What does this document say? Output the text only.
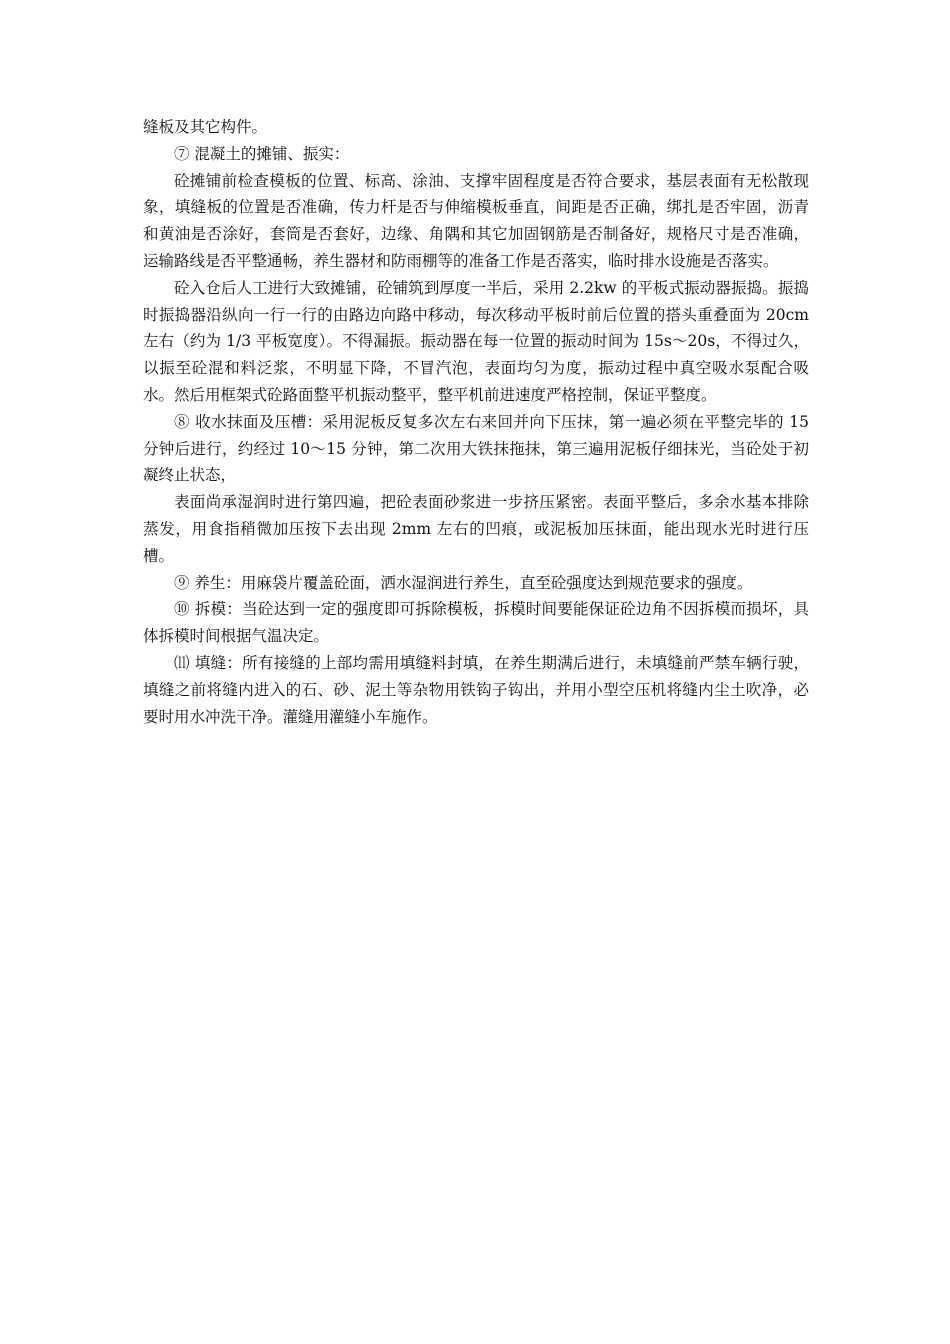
缝板及其它构件。

⑦ 混凝土的摊铺、振实：

砼摊铺前检查模板的位置、标高、涂油、支撑牢固程度是否符合要求，基层表面有无松散现象，填缝板的位置是否准确，传力杆是否与伸缩模板垂直，间距是否正确，绑扎是否牢固，沥青和黄油是否涂好，套筒是否套好，边缘、角隅和其它加固钢筋是否制备好，规格尺寸是否准确，运输路线是否平整通畅，养生器材和防雨棚等的准备工作是否落实，临时排水设施是否落实。

砼入仓后人工进行大致摊铺，砼铺筑到厚度一半后，采用 2.2kw 的平板式振动器振捣。振捣时振捣器沿纵向一行一行的由路边向路中移动，每次移动平板时前后位置的搭头重叠面为 20cm 左右（约为 1/3 平板宽度）。不得漏振。振动器在每一位置的振动时间为 15s～20s，不得过久，以振至砼混和料泛浆，不明显下降，不冒汽泡，表面均匀为度，振动过程中真空吸水泵配合吸水。然后用框架式砼路面整平机振动整平，整平机前进速度严格控制，保证平整度。

⑧ 收水抹面及压槽：采用泥板反复多次左右来回并向下压抹，第一遍必须在平整完毕的 15 分钟后进行，约经过 10～15 分钟，第二次用大铁抹拖抹，第三遍用泥板仔细抹光，当砼处于初凝终止状态，

表面尚承湿润时进行第四遍，把砼表面砂浆进一步挤压紧密。表面平整后，多余水基本排除蒸发，用食指稍微加压按下去出现 2mm 左右的凹痕，或泥板加压抹面，能出现水光时进行压槽。

⑨ 养生：用麻袋片覆盖砼面，洒水湿润进行养生，直至砼强度达到规范要求的强度。

⑩ 拆模：当砼达到一定的强度即可拆除模板，拆模时间要能保证砼边角不因拆模而损坏，具体拆模时间根据气温决定。

⑾ 填缝：所有接缝的上部均需用填缝料封填，在养生期满后进行，未填缝前严禁车辆行驶，填缝之前将缝内进入的石、砂、泥土等杂物用铁钩子钩出，并用小型空压机将缝内尘土吹净，必要时用水冲洗干净。灌缝用灌缝小车施作。
